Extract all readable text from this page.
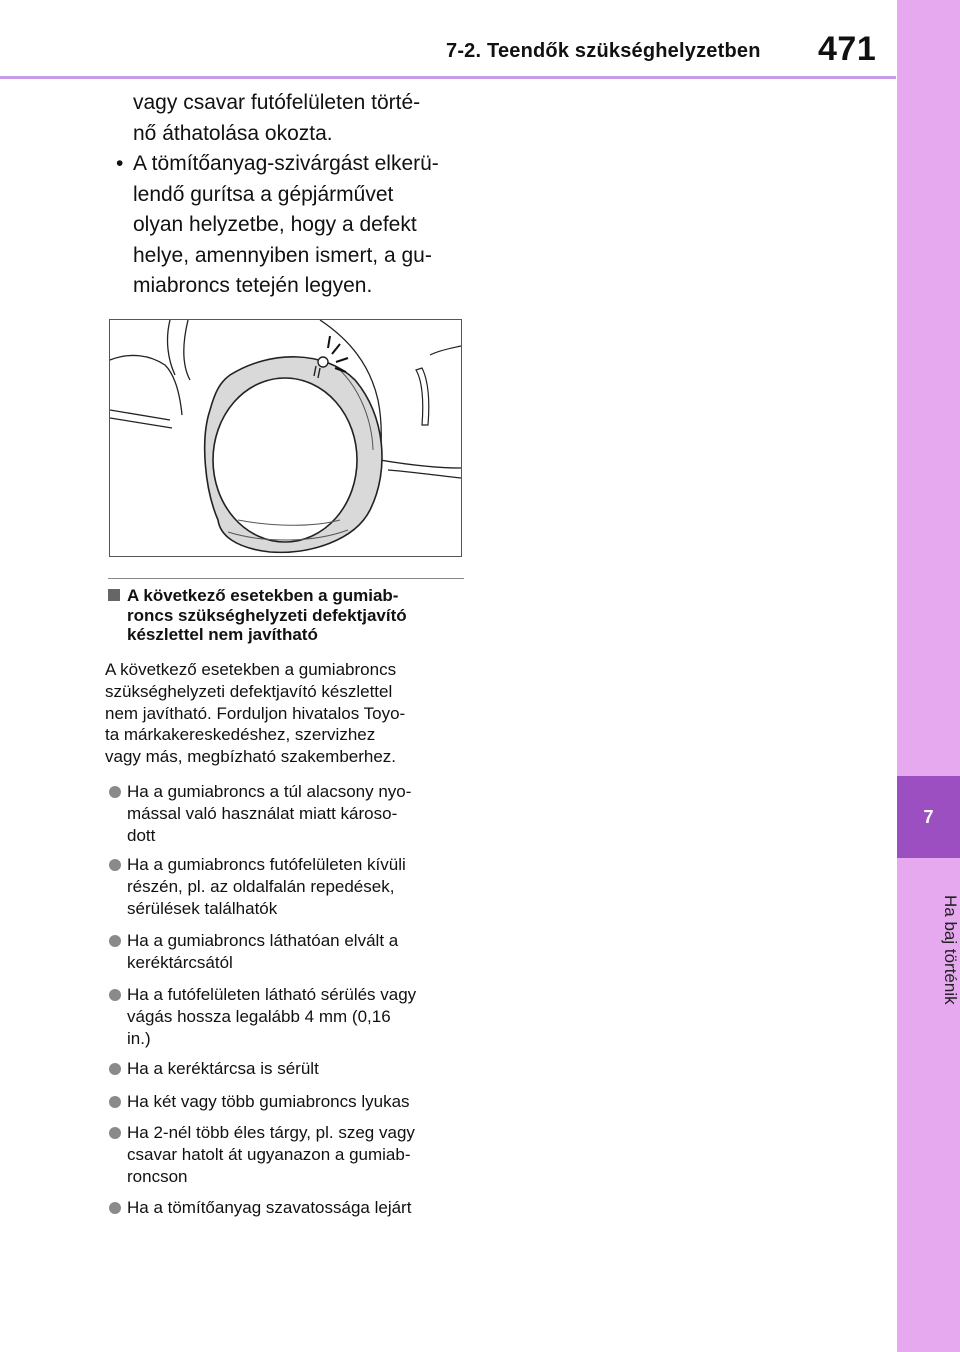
7-2. Teendők szükséghelyzetben	471
7
Ha baj történik
vagy csavar futófelületen törté-
nő áthatolása okozta.
• A tömítőanyag-szivárgást elkerü-
lendő gurítsa a gépjárművet
olyan helyzetbe, hogy a defekt
helye, amennyiben ismert, a gu-
miabroncs tetején legyen.
A következő esetekben a gumiab-
roncs szükséghelyzeti defektjavító
készlettel nem javítható
A következő esetekben a gumiabroncs
szükséghelyzeti defektjavító készlettel
nem javítható. Forduljon hivatalos Toyo-
ta márkakereskedéshez, szervizhez
vagy más, megbízható szakemberhez.
Ha a gumiabroncs a túl alacsony nyo-
mással való használat miatt károso-
dott
Ha a gumiabroncs futófelületen kívüli
részén, pl. az oldalfalán repedések,
sérülések találhatók
Ha a gumiabroncs láthatóan elvált a
keréktárcsától
Ha a futófelületen látható sérülés vagy
vágás hossza legalább 4 mm (0,16
in.)
Ha a keréktárcsa is sérült
Ha két vagy több gumiabroncs lyukas
Ha 2-nél több éles tárgy, pl. szeg vagy
csavar hatolt át ugyanazon a gumiab-
roncson
Ha a tömítőanyag szavatossága lejárt
